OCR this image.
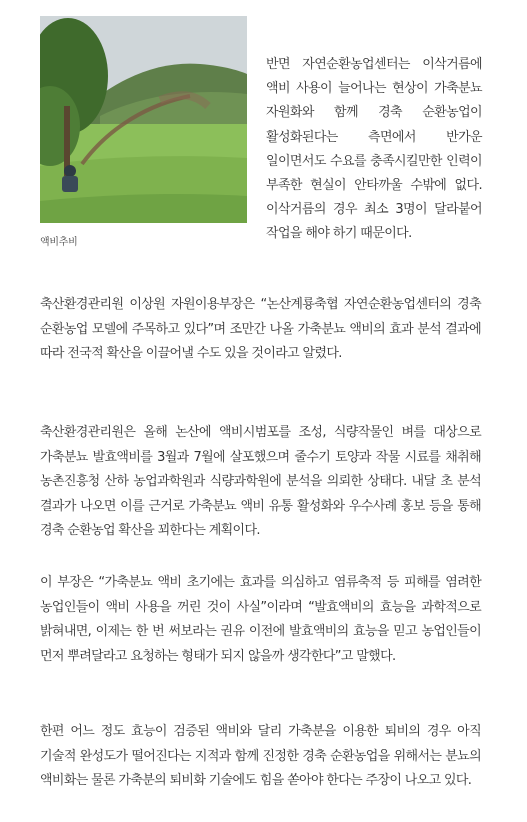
액비추비
반면 자연순환농업센터는 이삭거름에 액비 사용이 늘어나는 현상이 가축분뇨 자원화와 함께 경축 순환농업이 활성화된다는 측면에서 반가운 일이면서도 수요를 충족시킬만한 인력이 부족한 현실이 안타까울 수밖에 없다. 이삭거름의 경우 최소 3명이 달라붙어 작업을 해야 하기 때문이다.
축산환경관리원 이상원 자원이용부장은 “논산계룡축협 자연순환농업센터의 경축 순환농업 모델에 주목하고 있다”며 조만간 나올 가축분뇨 액비의 효과 분석 결과에 따라 전국적 확산을 이끌어낼 수도 있을 것이라고 알렸다.
축산환경관리원은 올해 논산에 액비시범포를 조성, 식량작물인 벼를 대상으로 가축분뇨 발효액비를 3월과 7월에 살포했으며 줄수기 토양과 작물 시료를 채취해 농촌진흥청 산하 농업과학원과 식량과학원에 분석을 의뢰한 상태다. 내달 초 분석 결과가 나오면 이를 근거로 가축분뇨 액비 유통 활성화와 우수사례 홍보 등을 통해 경축 순환농업 확산을 꾀한다는 계획이다.
이 부장은 “가축분뇨 액비 초기에는 효과를 의심하고 염류축적 등 피해를 염려한 농업인들이 액비 사용을 꺼린 것이 사실”이라며 “발효액비의 효능을 과학적으로 밝혀내면, 이제는 한 번 써보라는 권유 이전에 발효액비의 효능을 믿고 농업인들이 먼저 뿌려달라고 요청하는 형태가 되지 않을까 생각한다”고 말했다.
한편 어느 정도 효능이 검증된 액비와 달리 가축분을 이용한 퇴비의 경우 아직 기술적 완성도가 떨어진다는 지적과 함께 진정한 경축 순환농업을 위해서는 분뇨의 액비화는 물론 가축분의 퇴비화 기술에도 힘을 쏟아야 한다는 주장이 나오고 있다.
